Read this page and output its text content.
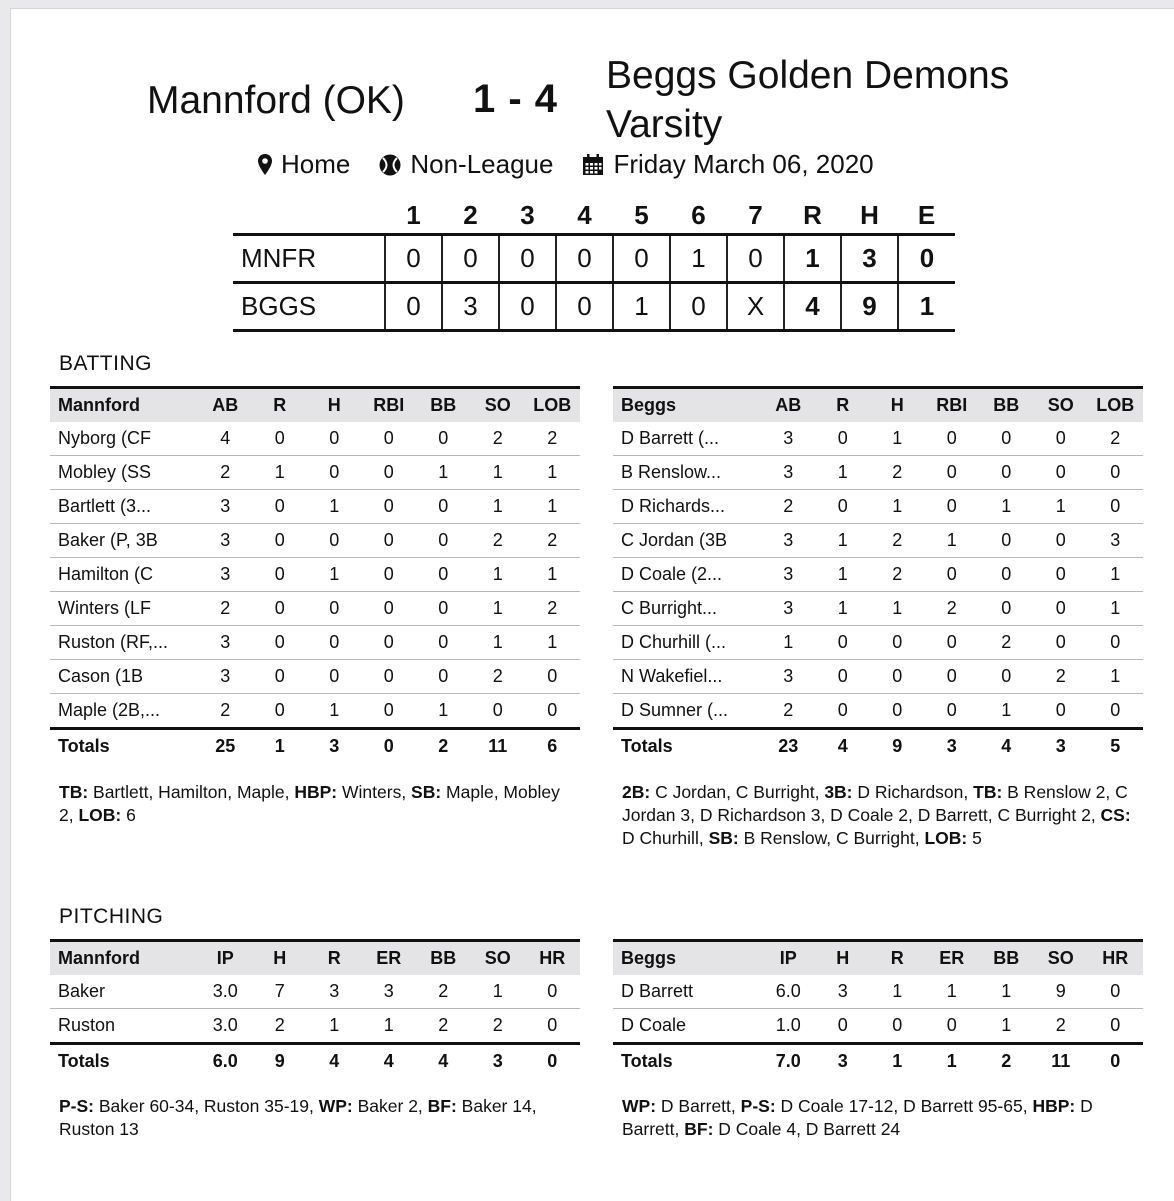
Mannford (OK) 1 - 4
Beggs Golden Demons Varsity
Home Non-League Friday March 06, 2020
	1	2	3	4	5	6	7	R	H	E
MNFR	0	0	0	0	0	1	0	1	3	0
BGGS	0	3	0	0	1	0	X	4	9	1
BATTING
Mannford	AB	R	H	RBI	BB	SO	LOB
Nyborg (CF	4	0	0	0	0	2	2
Mobley (SS	2	1	0	0	1	1	1
Bartlett (3...	3	0	1	0	0	1	1
Baker (P, 3B	3	0	0	0	0	2	2
Hamilton (C	3	0	1	0	0	1	1
Winters (LF	2	0	0	0	0	1	2
Ruston (RF,...	3	0	0	0	0	1	1
Cason (1B	3	0	0	0	0	2	0
Maple (2B,...	2	0	1	0	1	0	0
Totals	25	1	3	0	2	11	6
Beggs	AB	R	H	RBI	BB	SO	LOB
D Barrett (...	3	0	1	0	0	0	2
B Renslow...	3	1	2	0	0	0	0
D Richards...	2	0	1	0	1	1	0
C Jordan (3B	3	1	2	1	0	0	3
D Coale (2...	3	1	2	0	0	0	1
C Burright...	3	1	1	2	0	0	1
D Churhill (...	1	0	0	0	2	0	0
N Wakefiel...	3	0	0	0	0	2	1
D Sumner (...	2	0	0	0	1	0	0
Totals	23	4	9	3	4	3	5
TB: Bartlett, Hamilton, Maple, HBP: Winters, SB: Maple, Mobley 2, LOB: 6
2B: C Jordan, C Burright, 3B: D Richardson, TB: B Renslow 2, C Jordan 3, D Richardson 3, D Coale 2, D Barrett, C Burright 2, CS: D Churhill, SB: B Renslow, C Burright, LOB: 5
PITCHING
Mannford	IP	H	R	ER	BB	SO	HR
Baker	3.0	7	3	3	2	1	0
Ruston	3.0	2	1	1	2	2	0
Totals	6.0	9	4	4	4	3	0
Beggs	IP	H	R	ER	BB	SO	HR
D Barrett	6.0	3	1	1	1	9	0
D Coale	1.0	0	0	0	1	2	0
Totals	7.0	3	1	1	2	11	0
P-S: Baker 60-34, Ruston 35-19, WP: Baker 2, BF: Baker 14, Ruston 13
WP: D Barrett, P-S: D Coale 17-12, D Barrett 95-65, HBP: D Barrett, BF: D Coale 4, D Barrett 24
